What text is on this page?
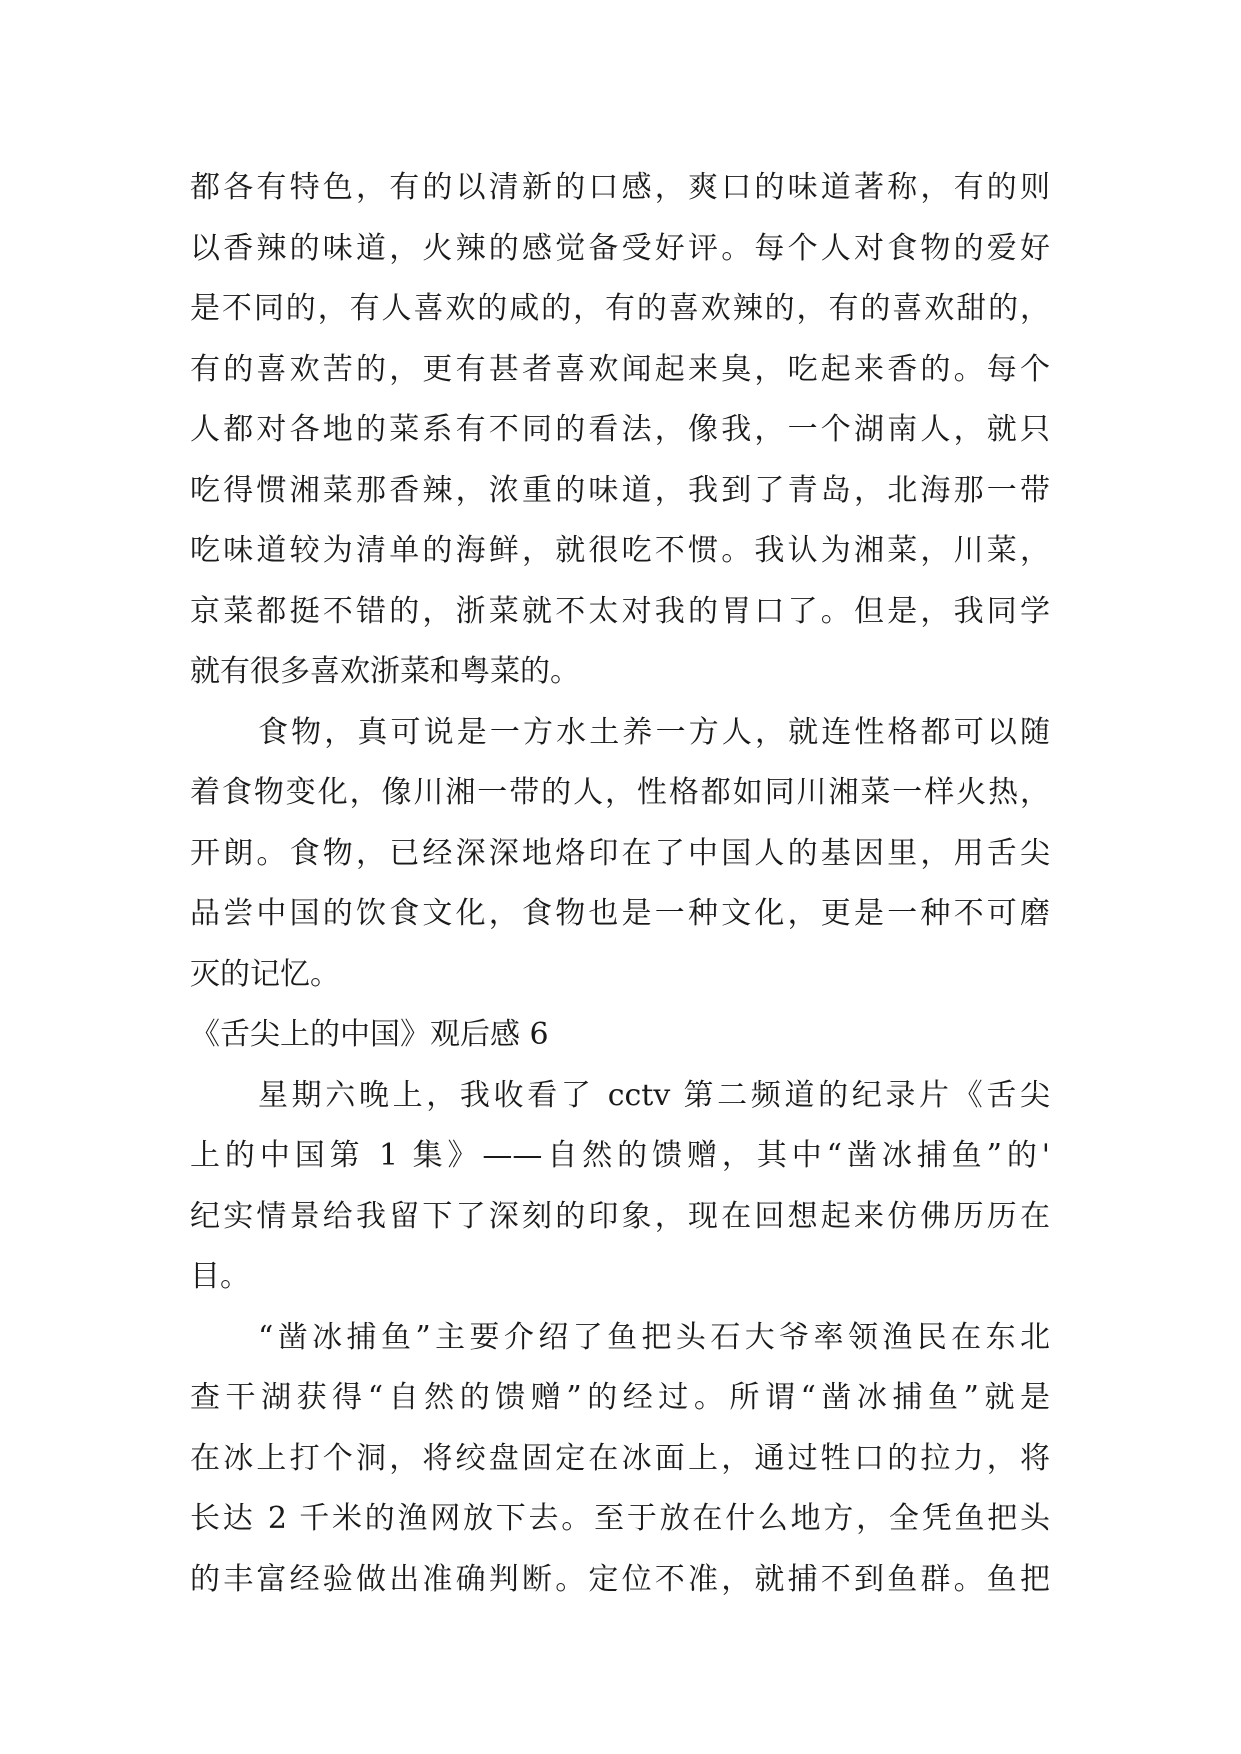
都各有特色，有的以清新的口感，爽口的味道著称，有的则
以香辣的味道，火辣的感觉备受好评。每个人对食物的爱好
是不同的，有人喜欢的咸的，有的喜欢辣的，有的喜欢甜的，
有的喜欢苦的，更有甚者喜欢闻起来臭，吃起来香的。每个
人都对各地的菜系有不同的看法，像我，一个湖南人，就只
吃得惯湘菜那香辣，浓重的味道，我到了青岛，北海那一带
吃味道较为清单的海鲜，就很吃不惯。我认为湘菜，川菜，
京菜都挺不错的，浙菜就不太对我的胃口了。但是，我同学
就有很多喜欢浙菜和粤菜的。
食物，真可说是一方水土养一方人，就连性格都可以随
着食物变化，像川湘一带的人，性格都如同川湘菜一样火热，
开朗。食物，已经深深地烙印在了中国人的基因里，用舌尖
品尝中国的饮食文化，食物也是一种文化，更是一种不可磨
灭的记忆。
《舌尖上的中国》观后感 6
星期六晚上，我收看了 cctv 第二频道的纪录片《舌尖
上的中国第 1 集》——自然的馈赠，其中“凿冰捕鱼”的'
纪实情景给我留下了深刻的印象，现在回想起来仿佛历历在
目。
“凿冰捕鱼”主要介绍了鱼把头石大爷率领渔民在东北
查干湖获得“自然的馈赠”的经过。所谓“凿冰捕鱼”就是
在冰上打个洞，将绞盘固定在冰面上，通过牲口的拉力，将
长达 2 千米的渔网放下去。至于放在什么地方，全凭鱼把头
的丰富经验做出准确判断。定位不准，就捕不到鱼群。鱼把
